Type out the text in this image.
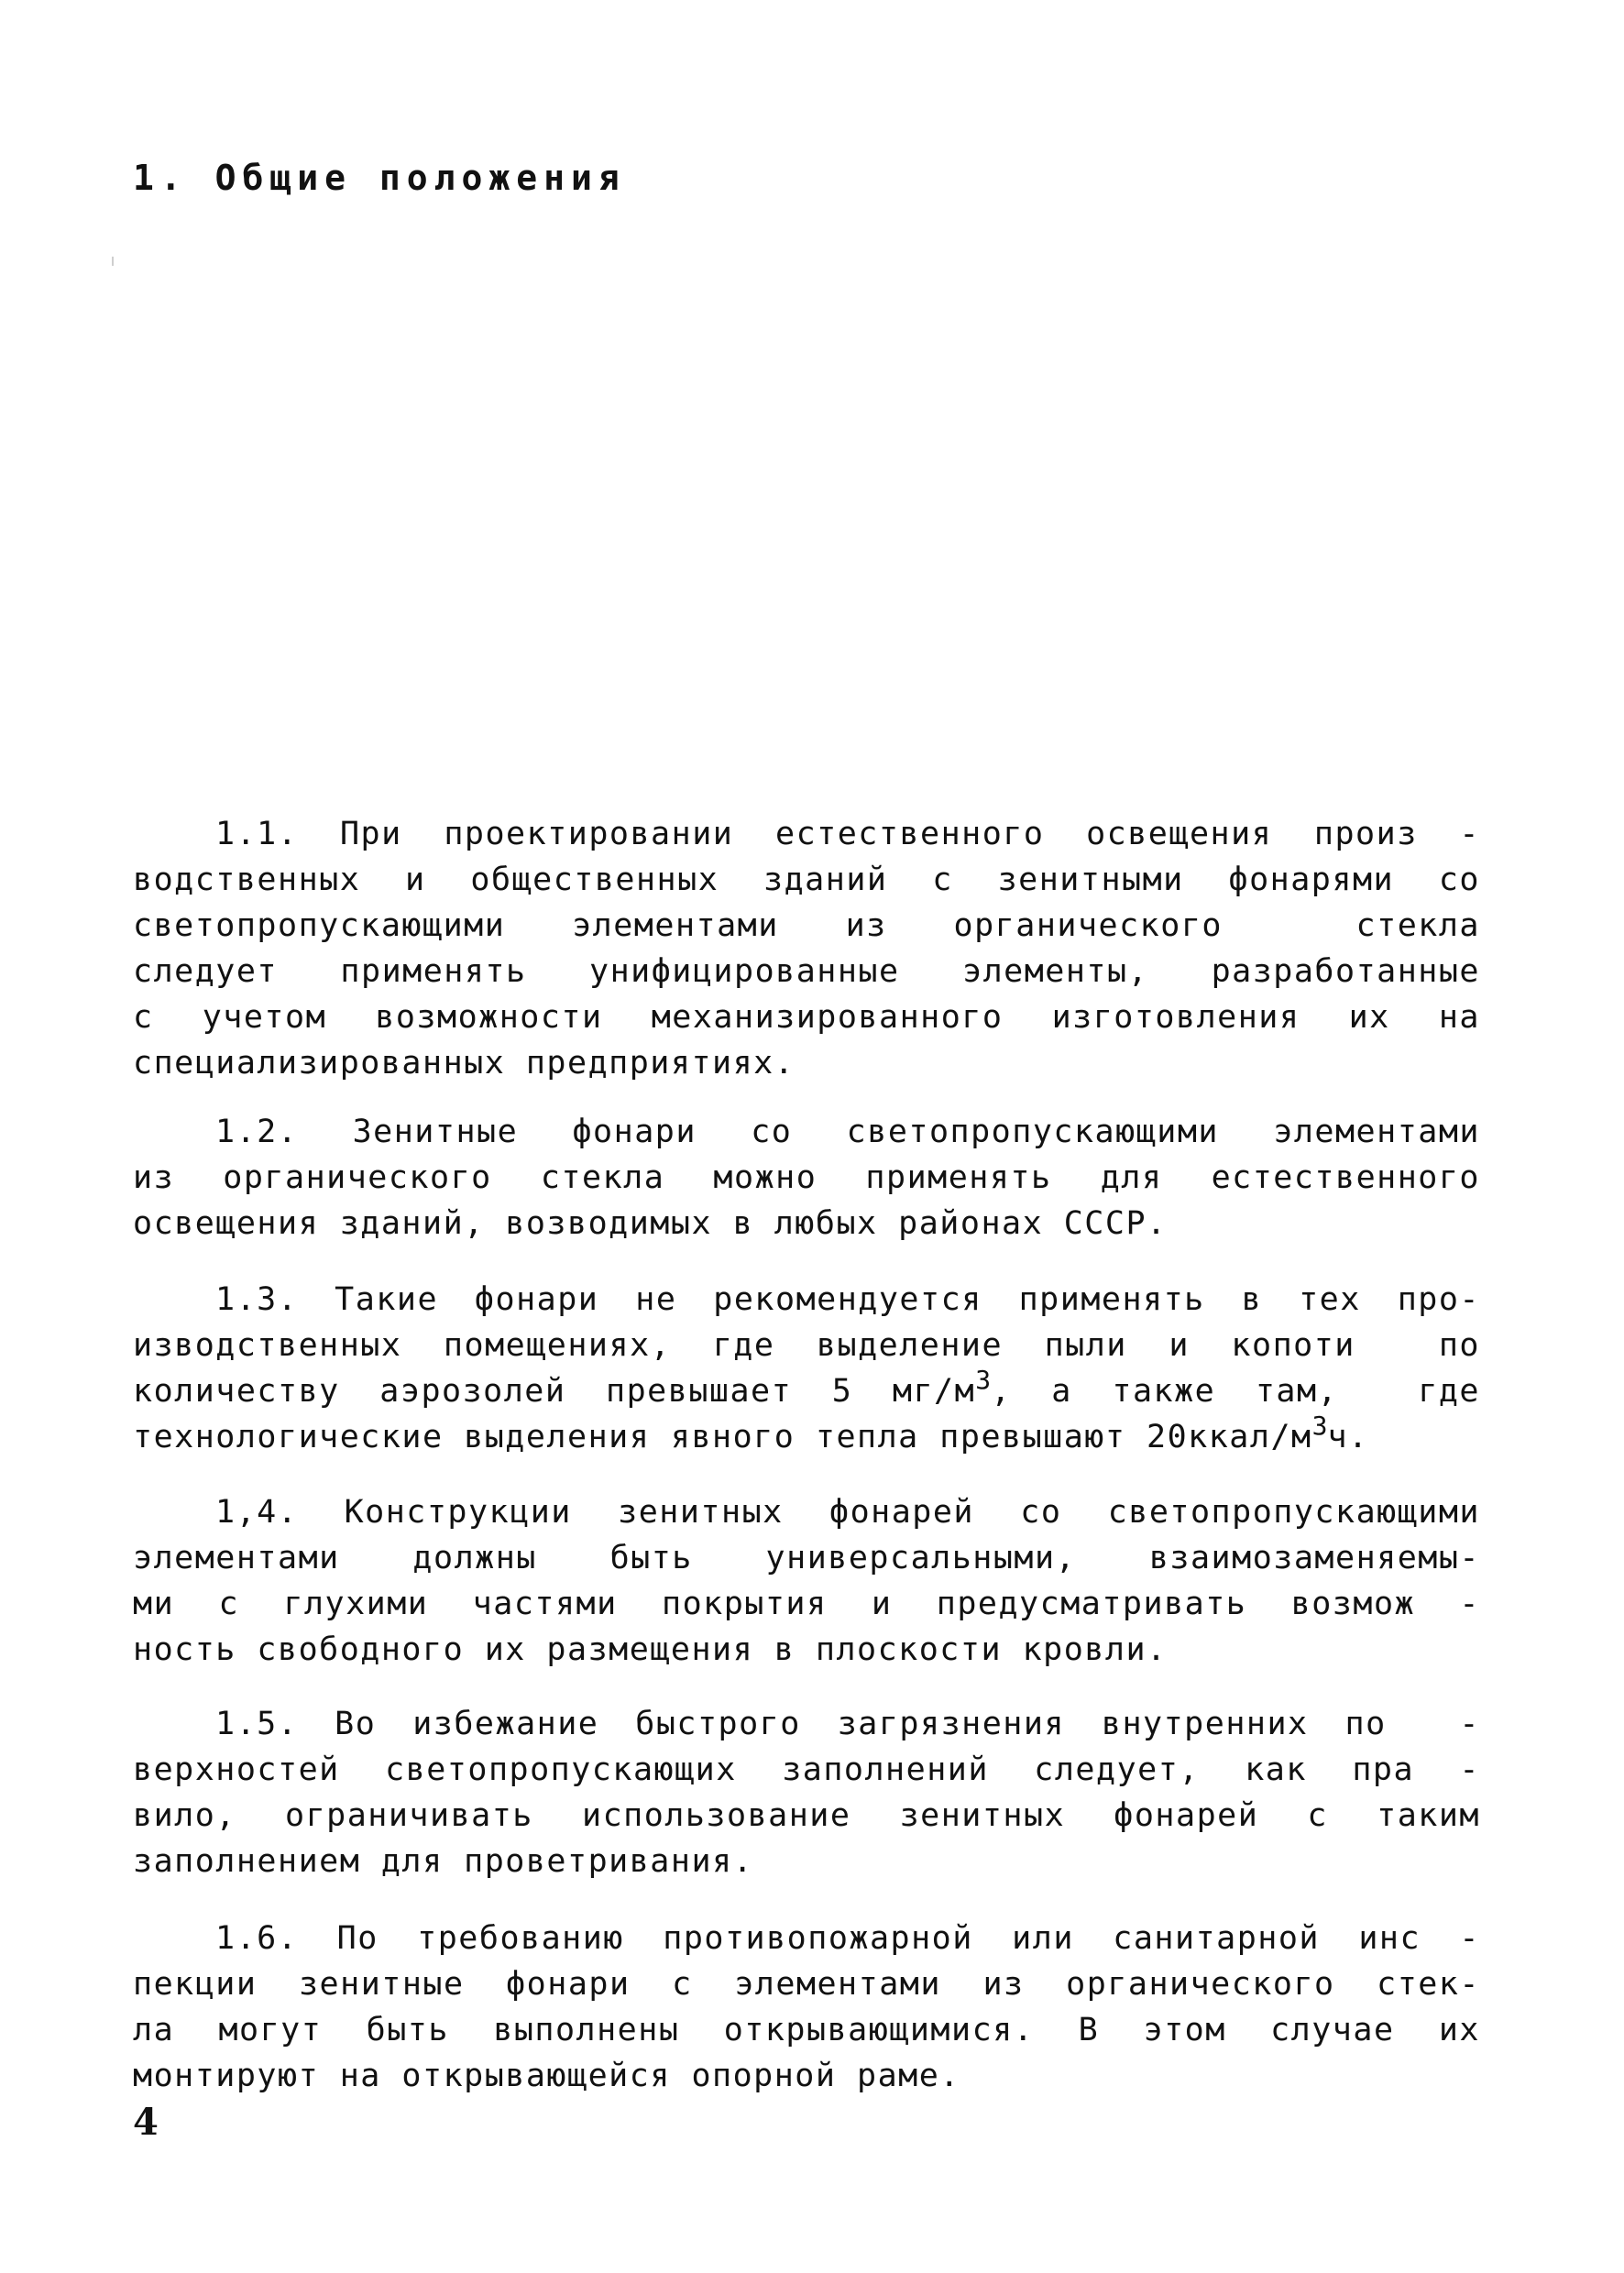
1. Общие положения
1.1. При проектировании естественного освещения произ -
водственных и общественных зданий с зенитными фонарями со
светопропускающими элементами из органического  стекла
следует применять унифицированные элементы, разработанные
с учетом возможности механизированного изготовления их на
специализированных предприятиях.
1.2. Зенитные фонари со светопропускающими элементами
из органического стекла можно применять для естественного
освещения зданий, возводимых в любых районах СССР.
1.3. Такие фонари не рекомендуется применять в тех про-
изводственных помещениях, где выделение пыли и копоти  по
количеству аэрозолей превышает 5 $мг/м^3$, а также там,  где
технологические выделения явного тепла превышают $20ккал/м^3ч$.
1,4. Конструкции зенитных фонарей со светопропускающими
элементами должны быть универсальными, взаимозаменяемы-
ми с глухими частями покрытия и предусматривать возмож -
ность свободного их размещения в плоскости кровли.
1.5. Во избежание быстрого загрязнения внутренних по  -
верхностей светопропускающих заполнений следует, как пра -
вило, ограничивать использование зенитных фонарей с таким
заполнением для проветривания.
1.6. По требованию противопожарной или санитарной инс -
пекции зенитные фонари с элементами из органического стек-
ла могут быть выполнены открывающимися. В этом случае их
монтируют на открывающейся опорной раме.
4
